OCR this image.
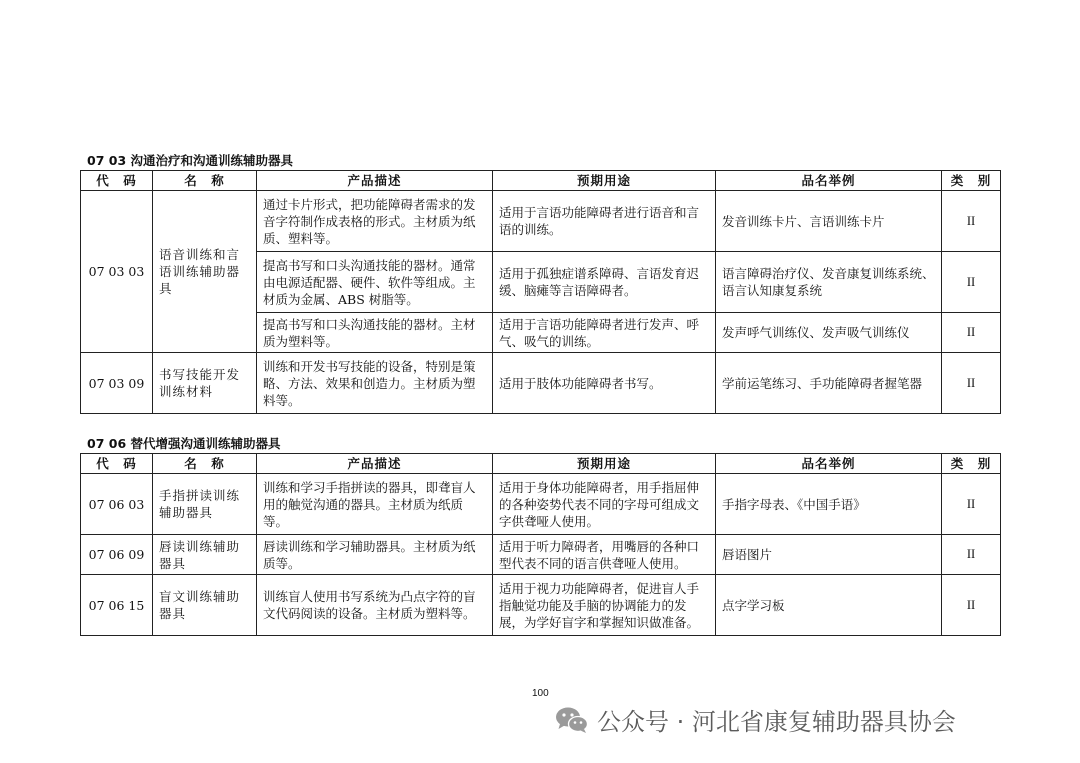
07 03 沟通治疗和沟通训练辅助器具
代　码	名　称	产品描述	预期用途	品名举例	类　别
07 03 03	语音训练和言语训练辅助器具	通过卡片形式，把功能障碍者需求的发音字符制作成表格的形式。主材质为纸质、塑料等。	适用于言语功能障碍者进行语音和言语的训练。	发音训练卡片、言语训练卡片	II
		提高书写和口头沟通技能的器材。通常由电源适配器、硬件、软件等组成。主材质为金属、ABS 树脂等。	适用于孤独症谱系障碍、言语发育迟缓、脑瘫等言语障碍者。	语言障碍治疗仪、发音康复训练系统、语言认知康复系统	II
		提高书写和口头沟通技能的器材。主材质为塑料等。	适用于言语功能障碍者进行发声、呼气、吸气的训练。	发声呼气训练仪、发声吸气训练仪	II
07 03 09	书写技能开发训练材料	训练和开发书写技能的设备，特别是策略、方法、效果和创造力。主材质为塑料等。	适用于肢体功能障碍者书写。	学前运笔练习、手功能障碍者握笔器	II
07 06 替代增强沟通训练辅助器具
代　码	名　称	产品描述	预期用途	品名举例	类　别
07 06 03	手指拼读训练辅助器具	训练和学习手指拼读的器具，即聋盲人用的触觉沟通的器具。主材质为纸质等。	适用于身体功能障碍者，用手指屈伸的各种姿势代表不同的字母可组成文字供聋哑人使用。	手指字母表、《中国手语》	II
07 06 09	唇读训练辅助器具	唇读训练和学习辅助器具。主材质为纸质等。	适用于听力障碍者，用嘴唇的各种口型代表不同的语言供聋哑人使用。	唇语图片	II
07 06 15	盲文训练辅助器具	训练盲人使用书写系统为凸点字符的盲文代码阅读的设备。主材质为塑料等。	适用于视力功能障碍者，促进盲人手指触觉功能及手脑的协调能力的发展，为学好盲字和掌握知识做准备。	点字学习板	II
100
公众号 · 河北省康复辅助器具协会
